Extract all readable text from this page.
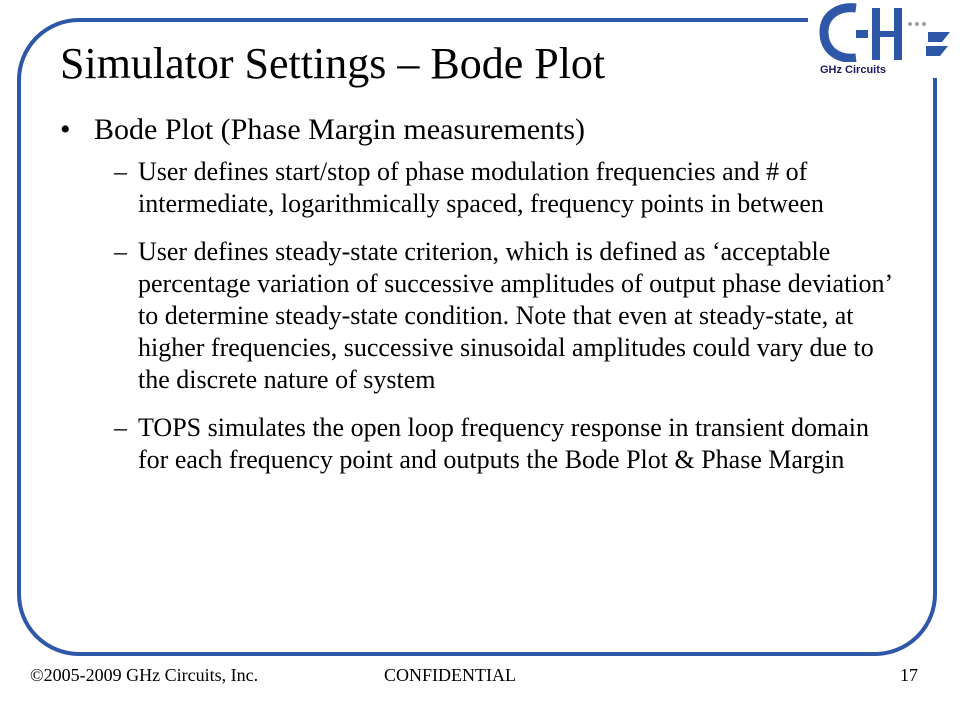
GHz Circuits
Simulator Settings – Bode Plot
• Bode Plot (Phase Margin measurements)
– User defines start/stop of phase modulation frequencies and # of intermediate, logarithmically spaced, frequency points in between
– User defines steady-state criterion, which is defined as ‘acceptable percentage variation of successive amplitudes of output phase deviation’ to determine steady-state condition. Note that even at steady-state, at higher frequencies, successive sinusoidal amplitudes could vary due to the discrete nature of system
– TOPS simulates the open loop frequency response in transient domain for each frequency point and outputs the Bode Plot & Phase Margin
©2005-2009 GHz Circuits, Inc.	CONFIDENTIAL	17
